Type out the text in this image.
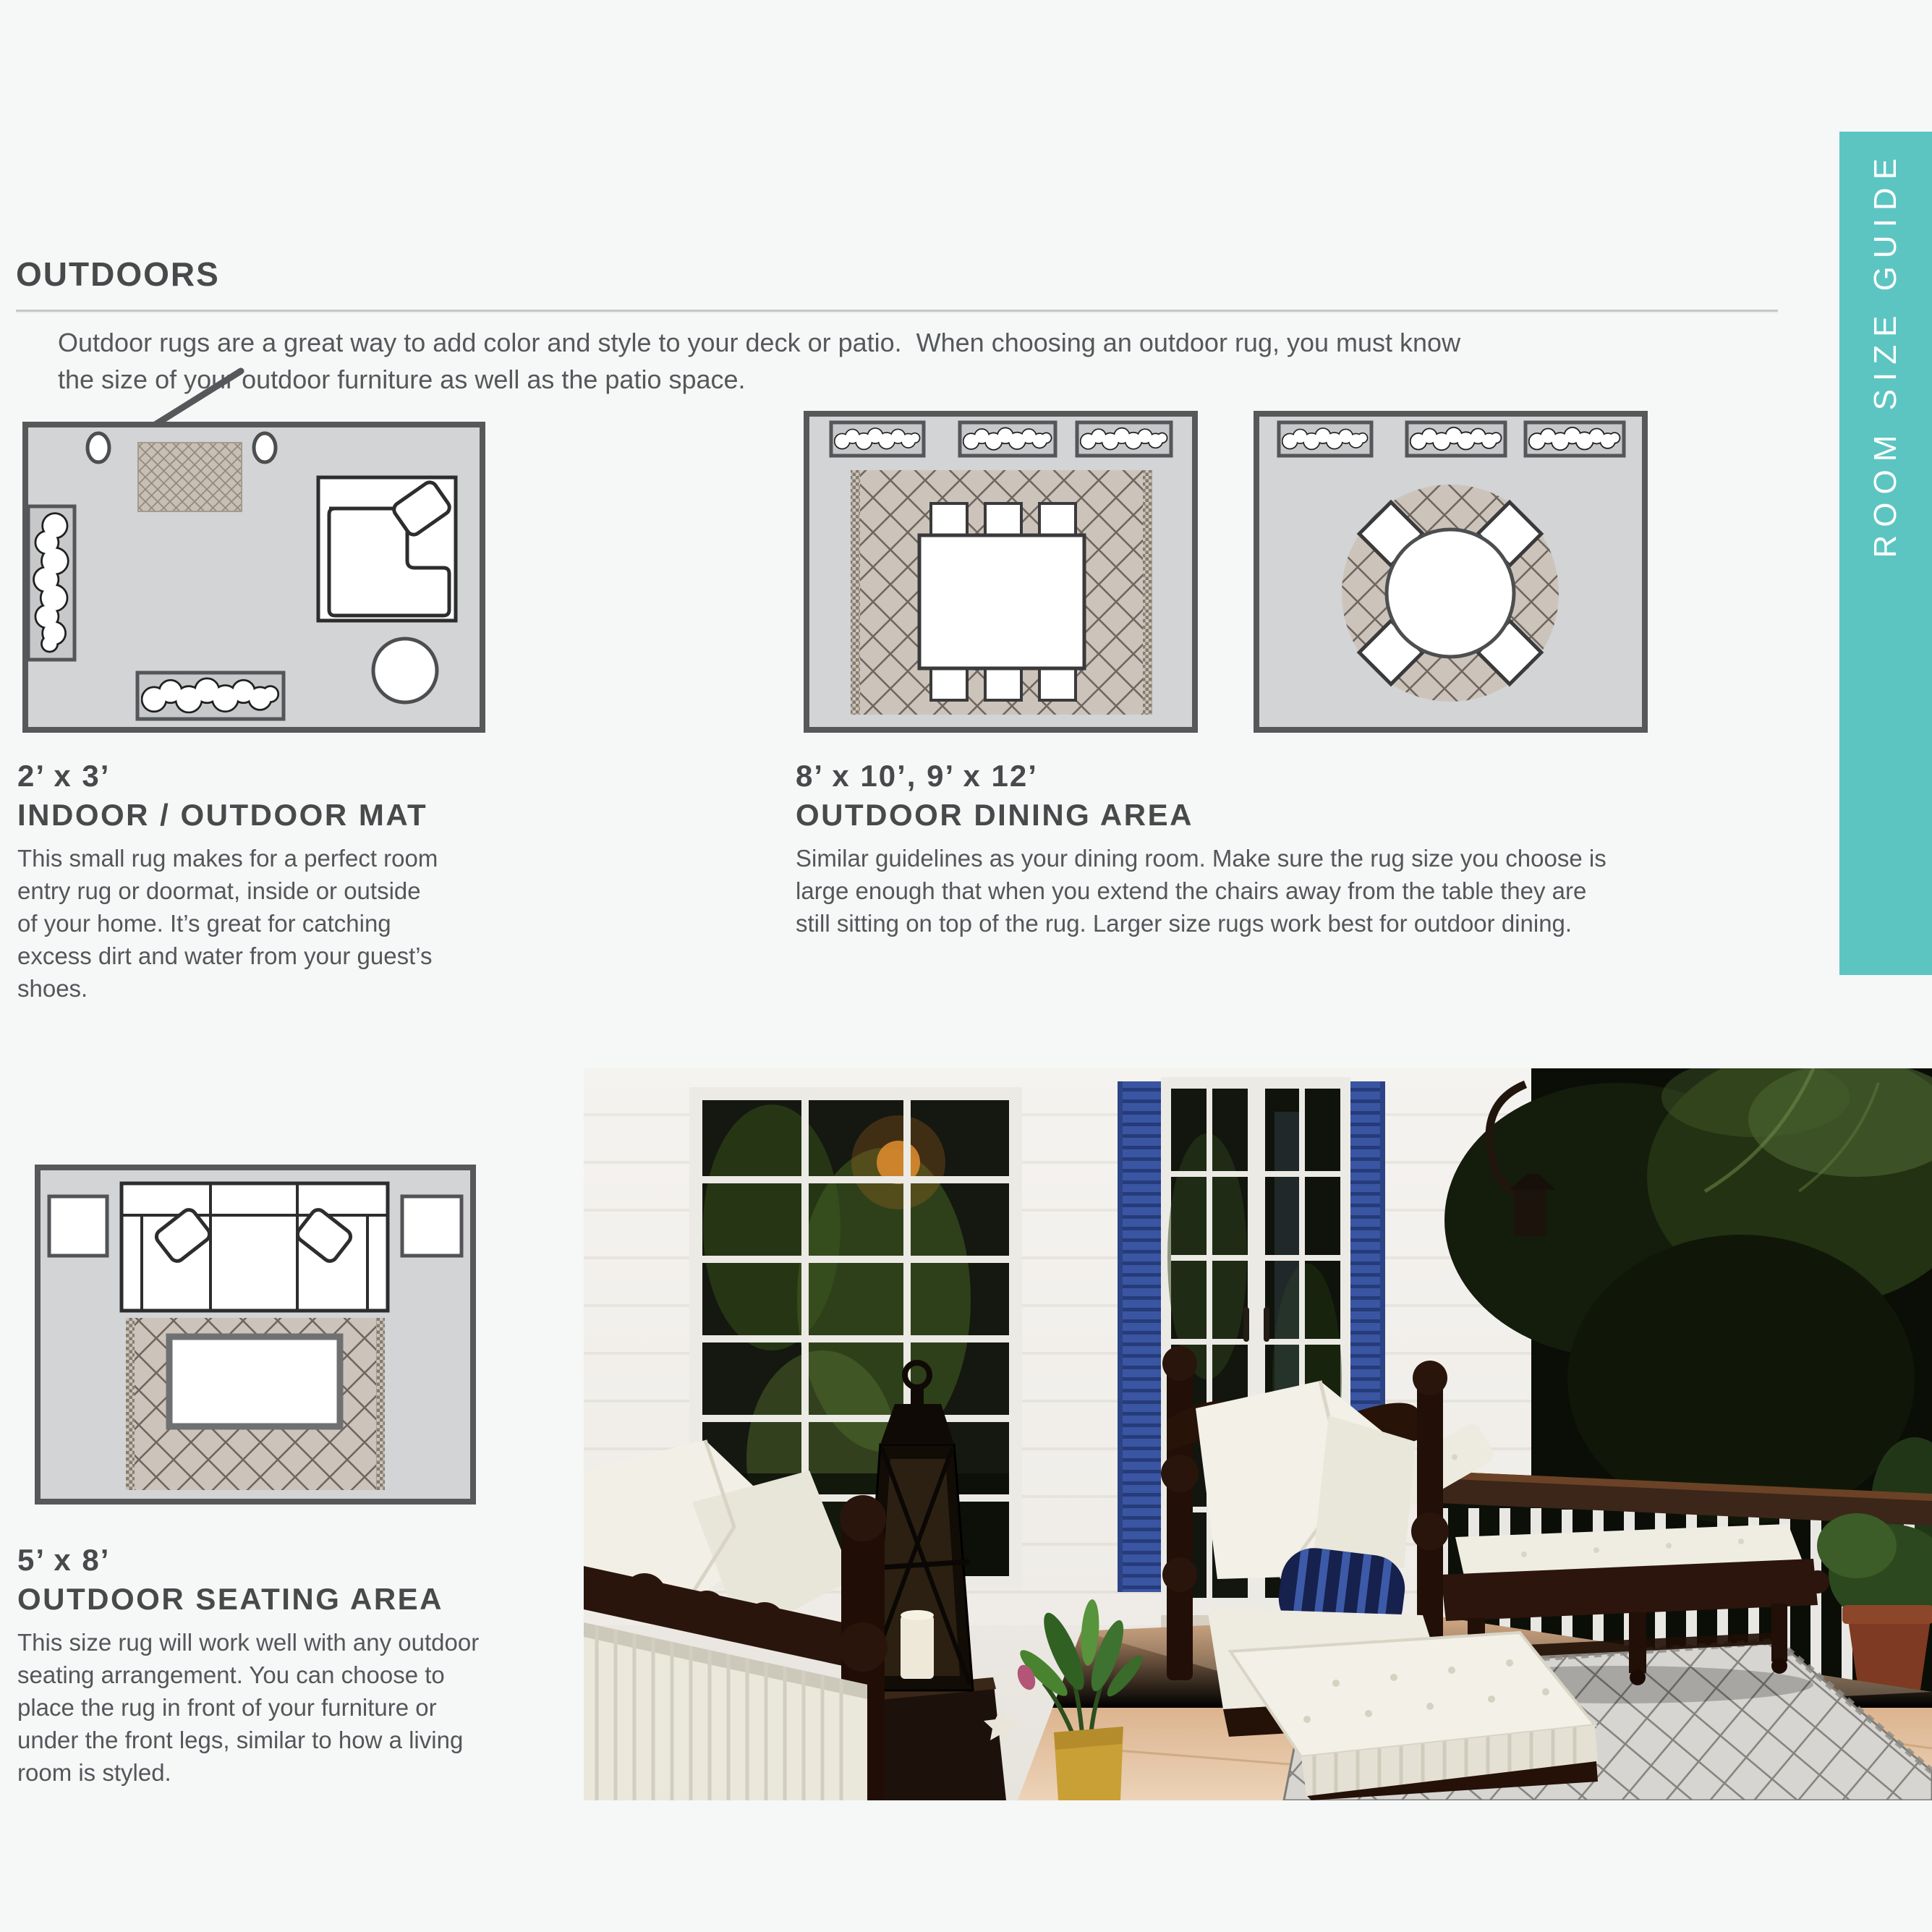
ROOM SIZE GUIDE
OUTDOORS
Outdoor rugs are a great way to add color and style to your deck or patio.  When choosing an outdoor rug, you must know
the size of your outdoor furniture as well as the patio space.
2’ x 3’
INDOOR / OUTDOOR MAT

This small rug makes for a perfect room entry rug or doormat, inside or outside of your home. It’s great for catching excess dirt and water from your guest’s shoes.

8’ x 10’, 9’ x 12’
OUTDOOR DINING AREA

Similar guidelines as your dining room. Make sure the rug size you choose is large enough that when you extend the chairs away from the table they are still sitting on top of the rug. Larger size rugs work best for outdoor dining.

5’ x 8’
OUTDOOR SEATING AREA

This size rug will work well with any outdoor seating arrangement. You can choose to place the rug in front of your furniture or under the front legs, similar to how a living room is styled.
